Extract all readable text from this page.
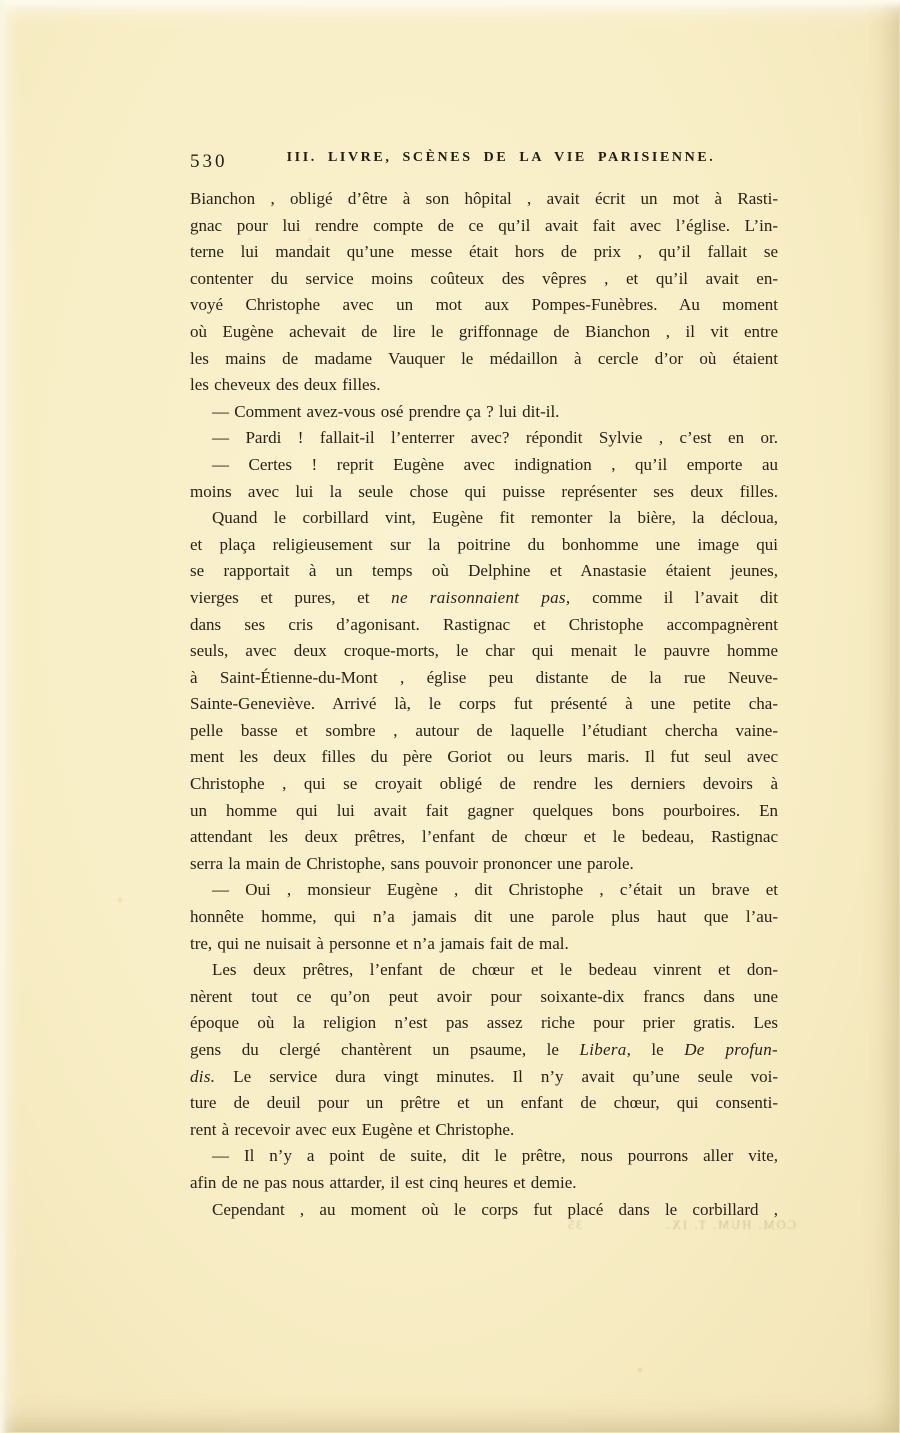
530	III. LIVRE, SCÈNES DE LA VIE PARISIENNE.
Bianchon , obligé d’être à son hôpital , avait écrit un mot à Rasti-
gnac pour lui rendre compte de ce qu’il avait fait avec l’église. L’in-
terne lui mandait qu’une messe était hors de prix , qu’il fallait se
contenter du service moins coûteux des vêpres , et qu’il avait en-
voyé Christophe avec un mot aux Pompes-Funèbres. Au moment
où Eugène achevait de lire le griffonnage de Bianchon , il vit entre
les mains de madame Vauquer le médaillon à cercle d’or où étaient
les cheveux des deux filles.
— Comment avez-vous osé prendre ça ? lui dit-il.
— Pardi ! fallait-il l’enterrer avec? répondit Sylvie , c’est en or.
— Certes ! reprit Eugène avec indignation , qu’il emporte au
moins avec lui la seule chose qui puisse représenter ses deux filles.
Quand le corbillard vint, Eugène fit remonter la bière, la décloua,
et plaça religieusement sur la poitrine du bonhomme une image qui
se rapportait à un temps où Delphine et Anastasie étaient jeunes,
vierges et pures, et ne raisonnaient pas, comme il l’avait dit
dans ses cris d’agonisant. Rastignac et Christophe accompagnèrent
seuls, avec deux croque-morts, le char qui menait le pauvre homme
à Saint-Étienne-du-Mont , église peu distante de la rue Neuve-
Sainte-Geneviève. Arrivé là, le corps fut présenté à une petite cha-
pelle basse et sombre , autour de laquelle l’étudiant chercha vaine-
ment les deux filles du père Goriot ou leurs maris. Il fut seul avec
Christophe , qui se croyait obligé de rendre les derniers devoirs à
un homme qui lui avait fait gagner quelques bons pourboires. En
attendant les deux prêtres, l’enfant de chœur et le bedeau, Rastignac
serra la main de Christophe, sans pouvoir prononcer une parole.
— Oui , monsieur Eugène , dit Christophe , c’était un brave et
honnête homme, qui n’a jamais dit une parole plus haut que l’au-
tre, qui ne nuisait à personne et n’a jamais fait de mal.
Les deux prêtres, l’enfant de chœur et le bedeau vinrent et don-
nèrent tout ce qu’on peut avoir pour soixante-dix francs dans une
époque où la religion n’est pas assez riche pour prier gratis. Les
gens du clergé chantèrent un psaume, le Libera, le De profun-
dis. Le service dura vingt minutes. Il n’y avait qu’une seule voi-
ture de deuil pour un prêtre et un enfant de chœur, qui consenti-
rent à recevoir avec eux Eugène et Christophe.
— Il n’y a point de suite, dit le prêtre, nous pourrons aller vite,
afin de ne pas nous attarder, il est cinq heures et demie.
Cependant , au moment où le corps fut placé dans le corbillard ,
COM. HUM. T. IX.
35
